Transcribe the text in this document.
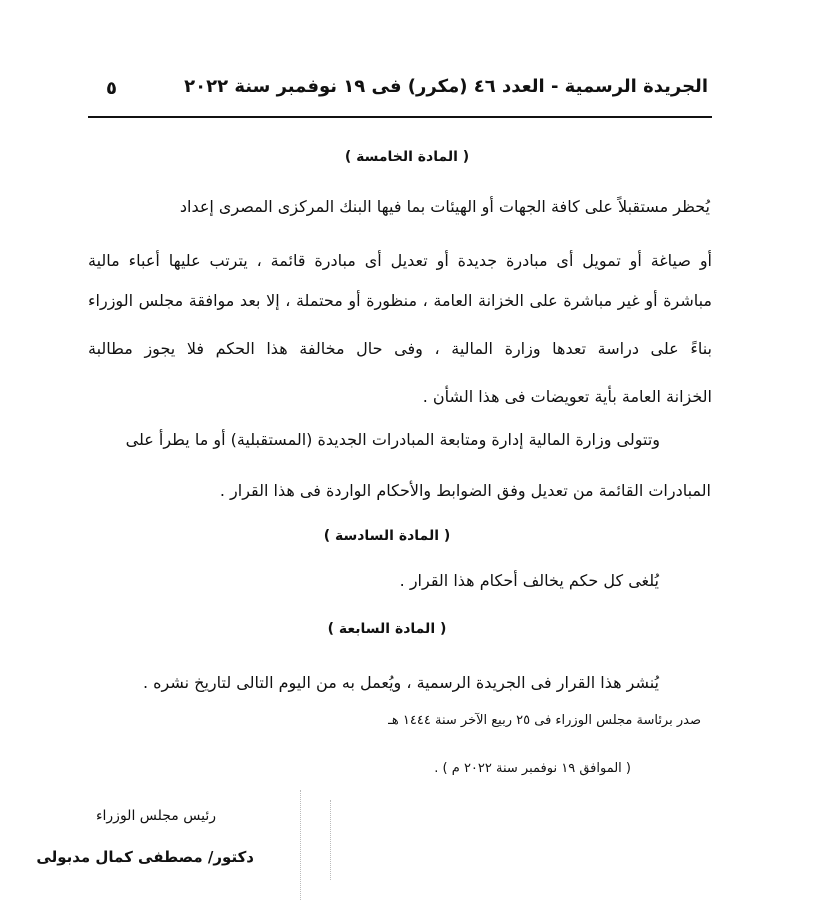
الجريدة الرسمية - العدد ٤٦ (مكرر) فى ١٩ نوفمبر سنة ٢٠٢٢
٥
( المادة الخامسة )
يُحظر مستقبلاً على كافة الجهات أو الهيئات بما فيها البنك المركزى المصرى إعداد
أو صياغة أو تمويل أى مبادرة جديدة أو تعديل أى مبادرة قائمة ، يترتب عليها أعباء مالية
مباشرة أو غير مباشرة على الخزانة العامة ، منظورة أو محتملة ، إلا بعد موافقة مجلس الوزراء
بناءً على دراسة تعدها وزارة المالية ، وفى حال مخالفة هذا الحكم فلا يجوز مطالبة
الخزانة العامة بأية تعويضات فى هذا الشأن .
وتتولى وزارة المالية إدارة ومتابعة المبادرات الجديدة (المستقبلية) أو ما يطرأ على
المبادرات القائمة من تعديل وفق الضوابط والأحكام الواردة فى هذا القرار .
( المادة السادسة )
يُلغى كل حكم يخالف أحكام هذا القرار .
( المادة السابعة )
يُنشر هذا القرار فى الجريدة الرسمية ، ويُعمل به من اليوم التالى لتاريخ نشره .
صدر برئاسة مجلس الوزراء فى ٢٥ ربيع الآخر سنة ١٤٤٤ هـ
( الموافق ١٩ نوفمبر سنة ٢٠٢٢ م ) .
رئيس مجلس الوزراء
دكتور/ مصطفى كمال مدبولى
